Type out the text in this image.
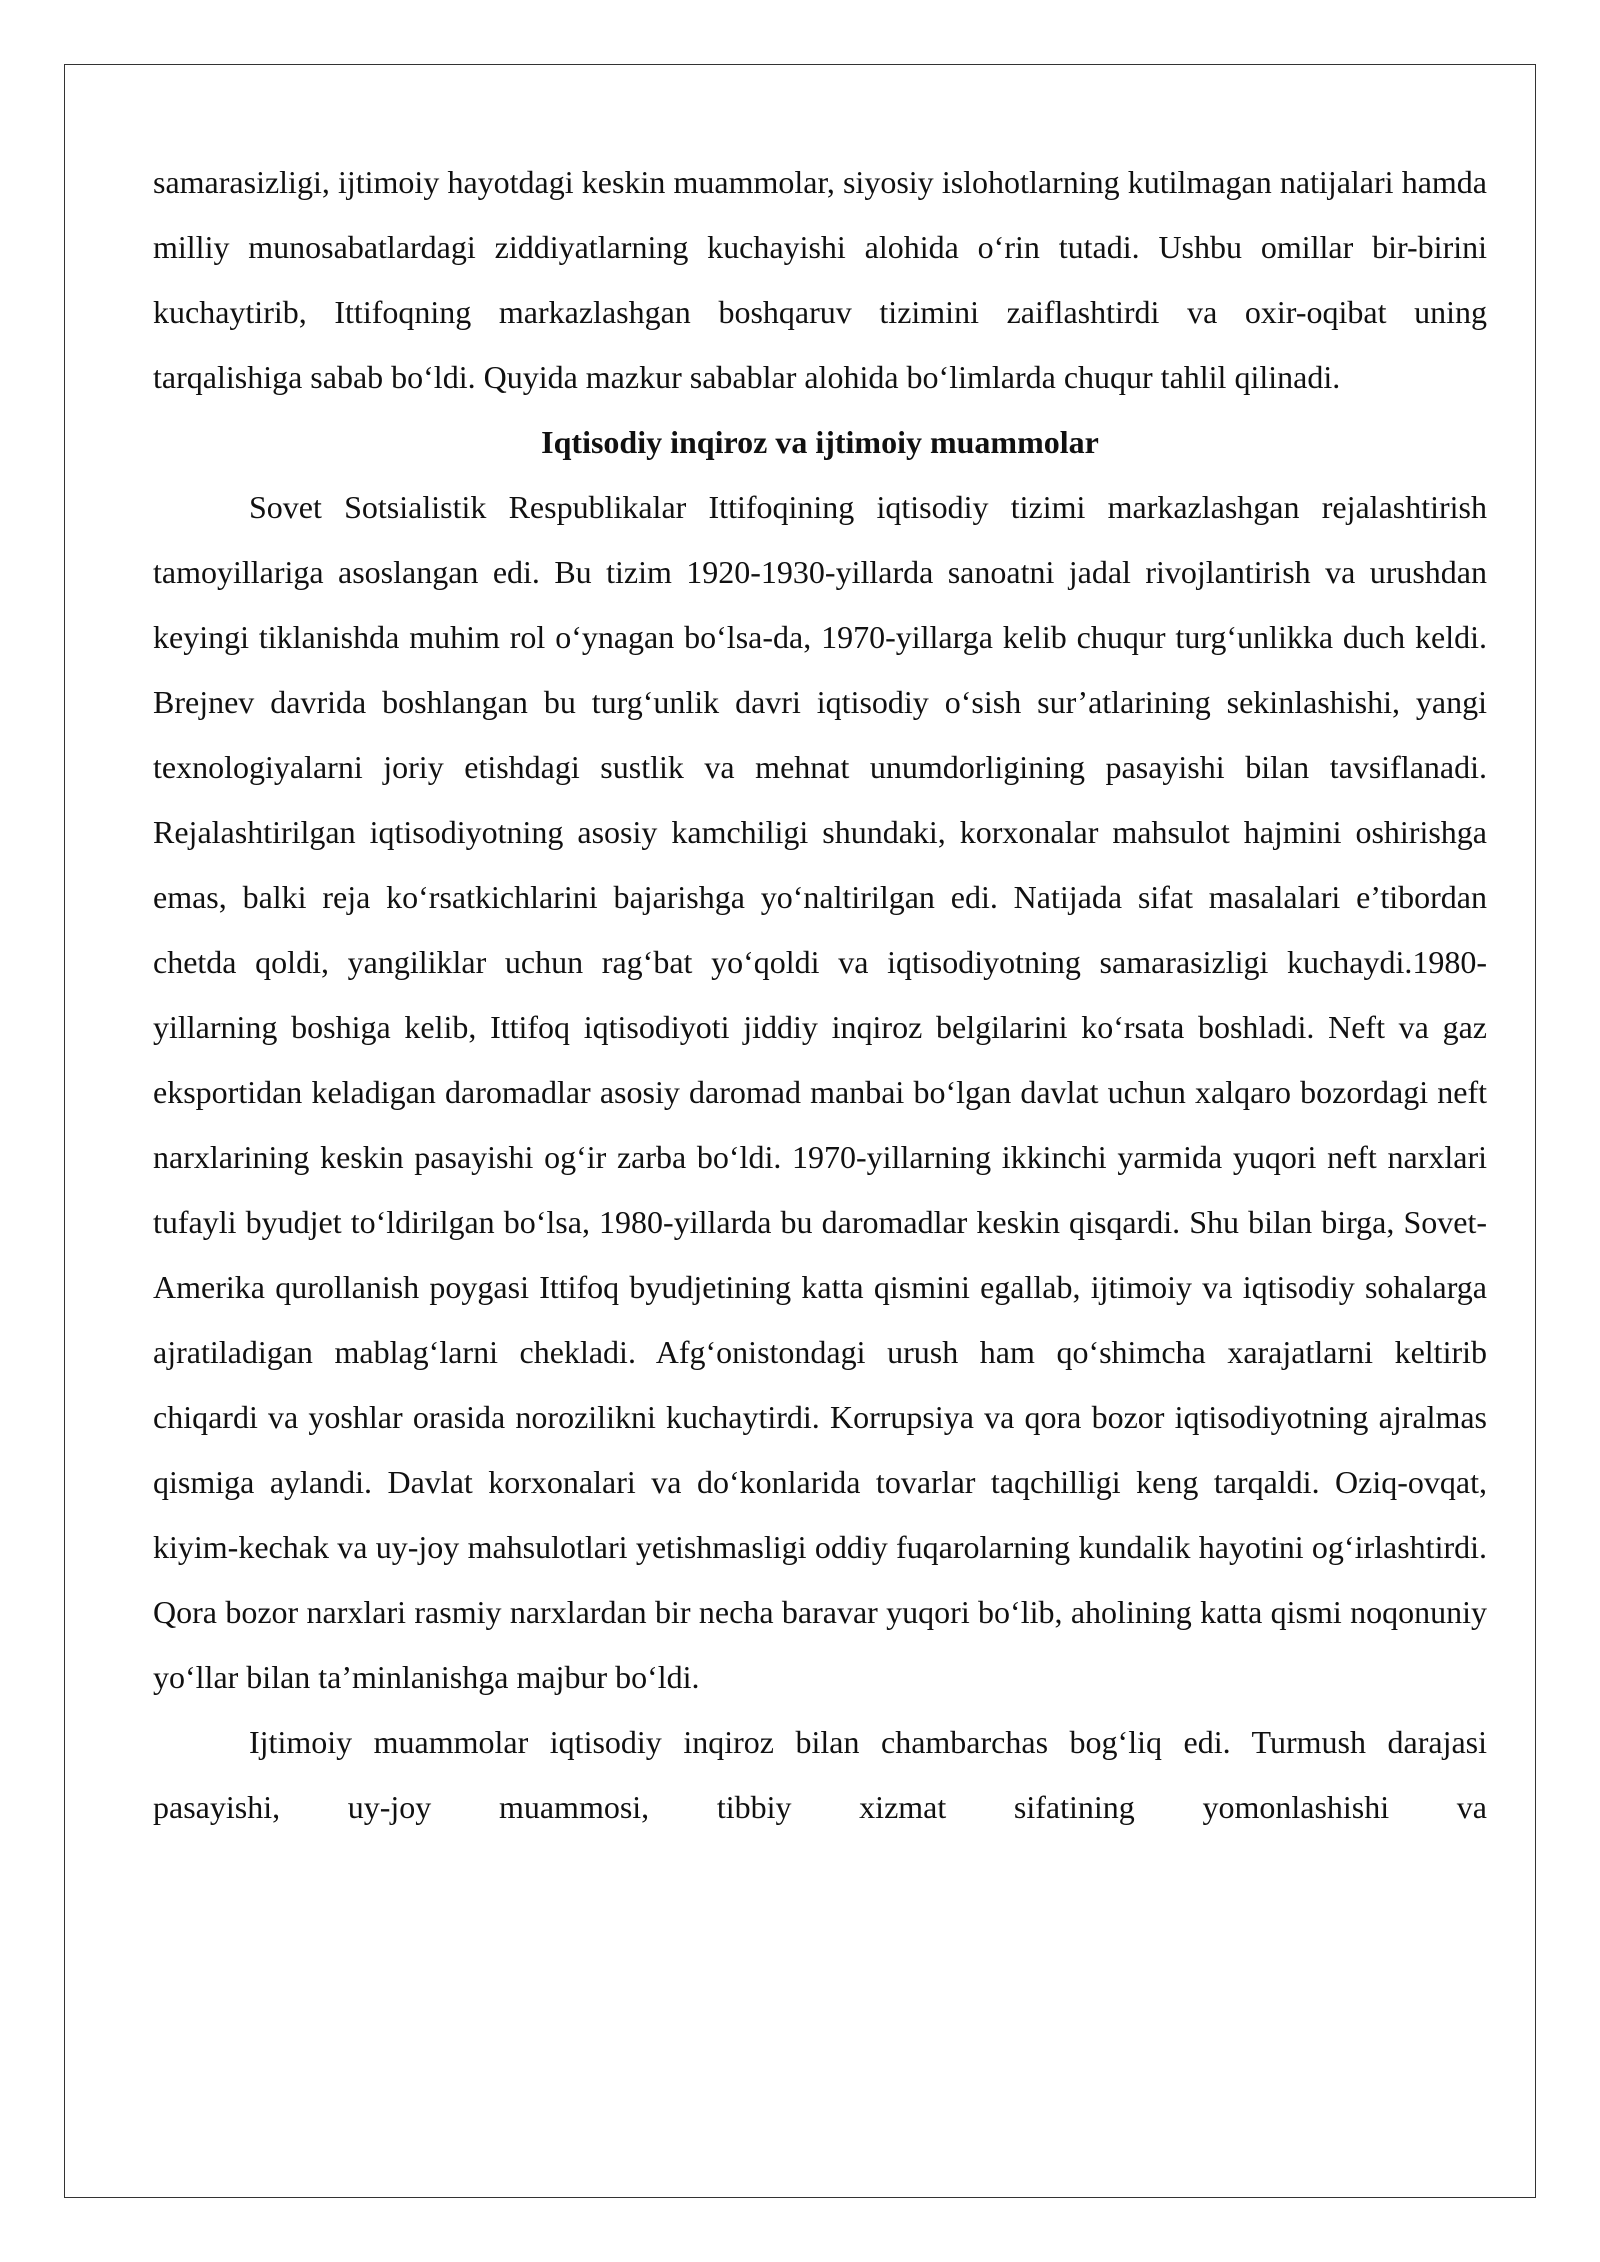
samarasizligi, ijtimoiy hayotdagi keskin muammolar, siyosiy islohotlarning kutilmagan natijalari hamda milliy munosabatlardagi ziddiyatlarning kuchayishi alohida o‘rin tutadi. Ushbu omillar bir-birini kuchaytirib, Ittifoqning markazlashgan boshqaruv tizimini zaiflashtirdi va oxir-oqibat uning tarqalishiga sabab bo‘ldi. Quyida mazkur sabablar alohida bo‘limlarda chuqur tahlil qilinadi.

Iqtisodiy inqiroz va ijtimoiy muammolar

Sovet Sotsialistik Respublikalar Ittifoqining iqtisodiy tizimi markazlashgan rejalashtirish tamoyillariga asoslangan edi. Bu tizim 1920-1930-yillarda sanoatni jadal rivojlantirish va urushdan keyingi tiklanishda muhim rol o‘ynagan bo‘lsa-da, 1970-yillarga kelib chuqur turg‘unlikka duch keldi. Brejnev davrida boshlangan bu turg‘unlik davri iqtisodiy o‘sish sur’atlarining sekinlashishi, yangi texnologiyalarni joriy etishdagi sustlik va mehnat unumdorligining pasayishi bilan tavsiflanadi. Rejalashtirilgan iqtisodiyotning asosiy kamchiligi shundaki, korxonalar mahsulot hajmini oshirishga emas, balki reja ko‘rsatkichlarini bajarishga yo‘naltirilgan edi. Natijada sifat masalalari e’tibordan chetda qoldi, yangiliklar uchun rag‘bat yo‘qoldi va iqtisodiyotning samarasizligi kuchaydi.1980-yillarning boshiga kelib, Ittifoq iqtisodiyoti jiddiy inqiroz belgilarini ko‘rsata boshladi. Neft va gaz eksportidan keladigan daromadlar asosiy daromad manbai bo‘lgan davlat uchun xalqaro bozordagi neft narxlarining keskin pasayishi og‘ir zarba bo‘ldi. 1970-yillarning ikkinchi yarmida yuqori neft narxlari tufayli byudjet to‘ldirilgan bo‘lsa, 1980-yillarda bu daromadlar keskin qisqardi. Shu bilan birga, Sovet-Amerika qurollanish poygasi Ittifoq byudjetining katta qismini egallab, ijtimoiy va iqtisodiy sohalarga ajratiladigan mablag‘larni chekladi. Afg‘onistondagi urush ham qo‘shimcha xarajatlarni keltirib chiqardi va yoshlar orasida norozilikni kuchaytirdi. Korrupsiya va qora bozor iqtisodiyotning ajralmas qismiga aylandi. Davlat korxonalari va do‘konlarida tovarlar taqchilligi keng tarqaldi. Oziq-ovqat, kiyim-kechak va uy-joy mahsulotlari yetishmasligi oddiy fuqarolarning kundalik hayotini og‘irlashtirdi. Qora bozor narxlari rasmiy narxlardan bir necha baravar yuqori bo‘lib, aholining katta qismi noqonuniy yo‘llar bilan ta’minlanishga majbur bo‘ldi.

Ijtimoiy muammolar iqtisodiy inqiroz bilan chambarchas bog‘liq edi. Turmush darajasi pasayishi, uy-joy muammosi, tibbiy xizmat sifatining yomonlashishi va
